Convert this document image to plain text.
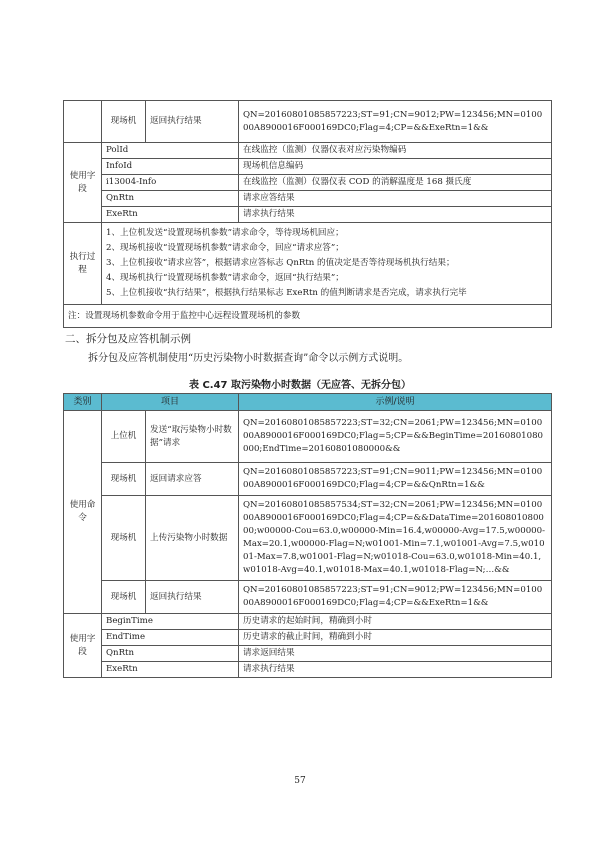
	现场机	返回执行结果	QN=20160801085857223;ST=91;CN=9012;PW=123456;MN=010000A8900016F000169DC0;Flag=4;CP=&&ExeRtn=1&&
使用字段	PolId		在线监控（监测）仪器仪表对应污染物编码
	InfoId		现场机信息编码
	i13004-Info		在线监控（监测）仪器仪表 COD 的消解温度是 168 摄氏度
	QnRtn		请求应答结果
	ExeRtn		请求执行结果
执行过程	1、上位机发送“设置现场机参数”请求命令，等待现场机回应；
2、现场机接收“设置现场机参数”请求命令，回应“请求应答”；
3、上位机接收“请求应答”，根据请求应答标志 QnRtn 的值决定是否等待现场机执行结果；
4、现场机执行“设置现场机参数”请求命令，返回“执行结果”；
5、上位机接收“执行结果”，根据执行结果标志 ExeRtn 的值判断请求是否完成，请求执行完毕		

注：设置现场机参数命令用于监控中心远程设置现场机的参数			
二、拆分包及应答机制示例
拆分包及应答机制使用“历史污染物小时数据查询”命令以示例方式说明。
表 C.47 取污染物小时数据（无应答、无拆分包）
类别	项目		示例/说明
使用命令	上位机	发送“取污染物小时数据”请求	QN=20160801085857223;ST=32;CN=2061;PW=123456;MN=010000A8900016F000169DC0;Flag=5;CP=&&BeginTime=20160801080000;EndTime=20160801080000&&
	现场机	返回请求应答	QN=20160801085857223;ST=91;CN=9011;PW=123456;MN=010000A8900016F000169DC0;Flag=4;CP=&&QnRtn=1&&
	现场机	上传污染物小时数据	QN=20160801085857534;ST=32;CN=2061;PW=123456;MN=010000A8900016F000169DC0;Flag=4;CP=&&DataTime=20160801080000;w00000-Cou=63.0,w00000-Min=16.4,w00000-Avg=17.5,w00000-Max=20.1,w00000-Flag=N;w01001-Min=7.1,w01001-Avg=7.5,w01001-Max=7.8,w01001-Flag=N;w01018-Cou=63.0,w01018-Min=40.1,w01018-Avg=40.1,w01018-Max=40.1,w01018-Flag=N;…&&
	现场机	返回执行结果	QN=20160801085857223;ST=91;CN=9012;PW=123456;MN=010000A8900016F000169DC0;Flag=4;CP=&&ExeRtn=1&&
使用字段	BeginTime		历史请求的起始时间，精确到小时
	EndTime		历史请求的截止时间，精确到小时
	QnRtn		请求返回结果
	ExeRtn		请求执行结果
57
